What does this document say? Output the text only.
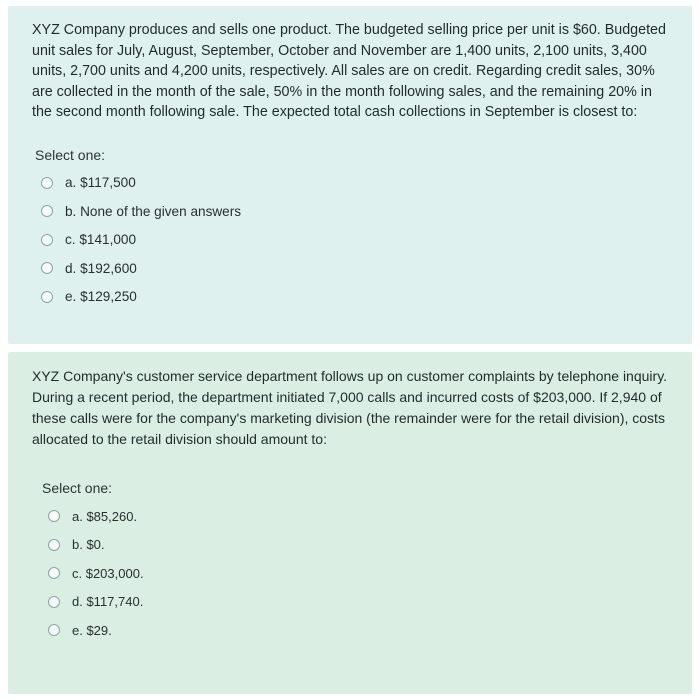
XYZ Company produces and sells one product. The budgeted selling price per unit is $60. Budgeted unit sales for July, August, September, October and November are 1,400 units, 2,100 units, 3,400 units, 2,700 units and 4,200 units, respectively. All sales are on credit. Regarding credit sales, 30% are collected in the month of the sale, 50% in the month following sales, and the remaining 20% in the second month following sale. The expected total cash collections in September is closest to:

Select one:
a. $117,500
b. None of the given answers
c. $141,000
d. $192,600
e. $129,250

XYZ Company's customer service department follows up on customer complaints by telephone inquiry. During a recent period, the department initiated 7,000 calls and incurred costs of $203,000. If 2,940 of these calls were for the company's marketing division (the remainder were for the retail division), costs allocated to the retail division should amount to:

Select one:
a. $85,260.
b. $0.
c. $203,000.
d. $117,740.
e. $29.
